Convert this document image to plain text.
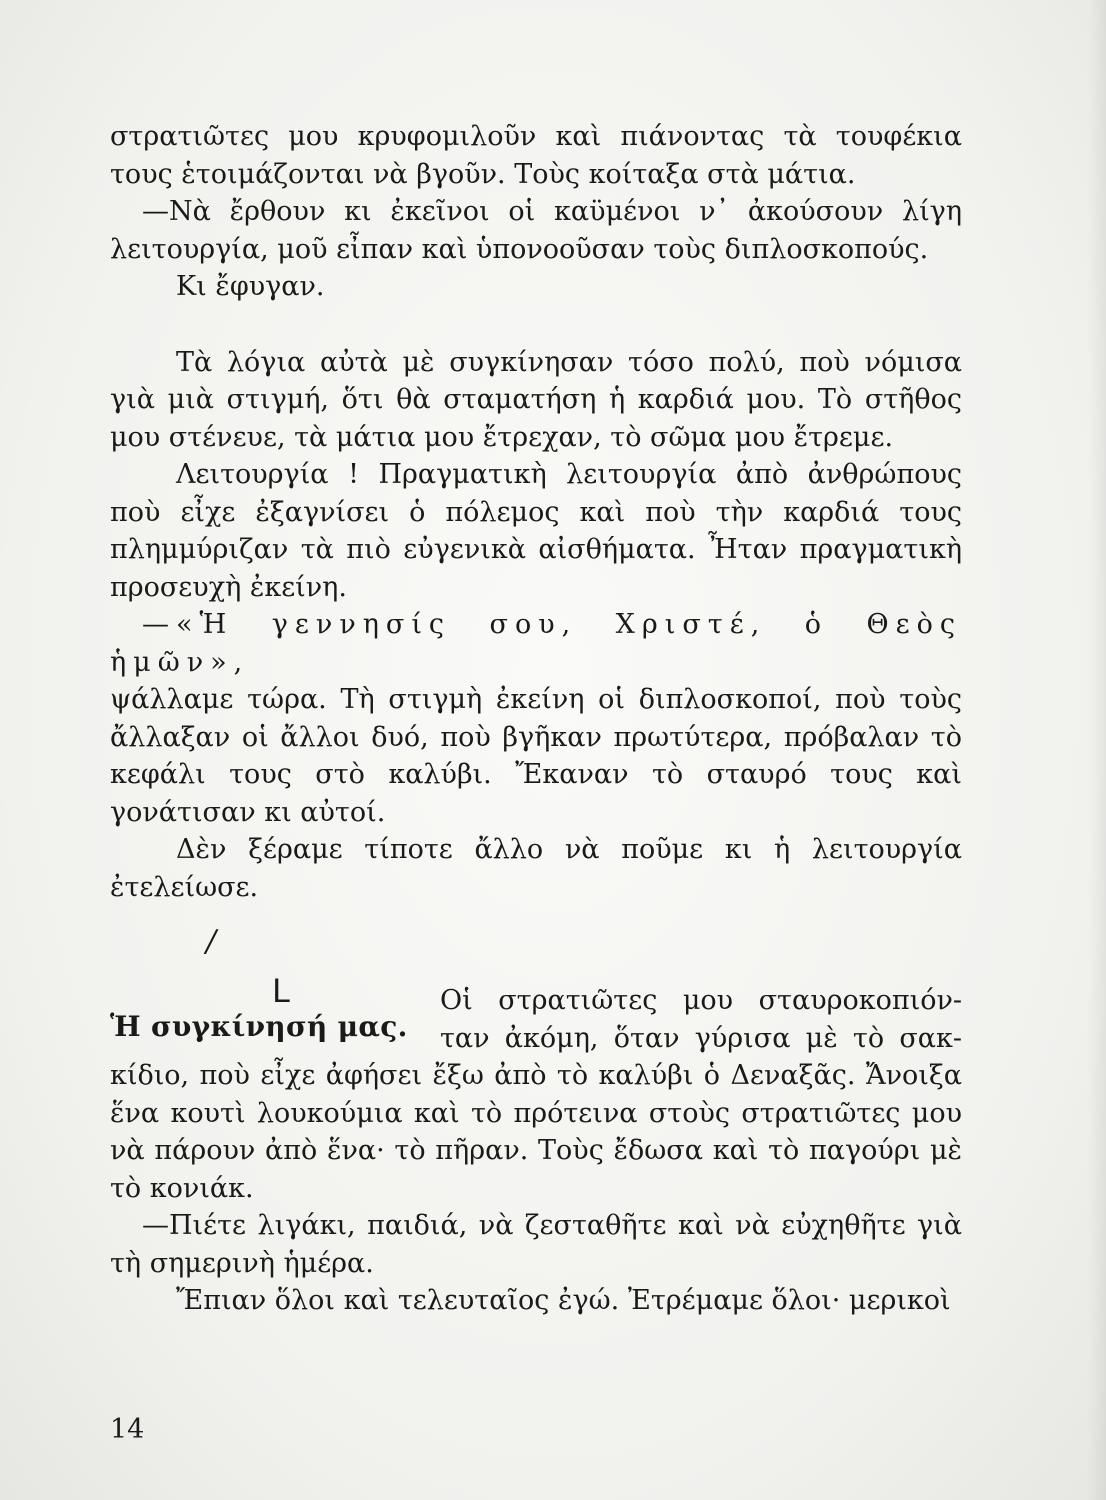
στρατιῶτες μου κρυφομιλοῦν καὶ πιάνοντας τὰ τουφέκια τους ἑτοιμάζονται νὰ βγοῦν. Τοὺς κοίταξα στὰ μάτια.

—Νὰ ἔρθουν κι ἐκεῖνοι οἱ καϋμένοι ν᾽ ἀκούσουν λίγη λειτουργία, μοῦ εἶπαν καὶ ὑπονοοῦσαν τοὺς διπλοσκοπούς.

Κι ἔφυγαν.

Τὰ λόγια αὐτὰ μὲ συγκίνησαν τόσο πολύ, ποὺ νόμισα γιὰ μιὰ στιγμή, ὅτι θὰ σταματήση ἡ καρδιά μου. Τὸ στῆθος μου στένευε, τὰ μάτια μου ἔτρεχαν, τὸ σῶμα μου ἔτρεμε.

Λειτουργία ! Πραγματικὴ λειτουργία ἀπὸ ἀνθρώπους ποὺ εἶχε ἐξαγνίσει ὁ πόλεμος καὶ ποὺ τὴν καρδιά τους πλημμύριζαν τὰ πιὸ εὐγενικὰ αἰσθήματα. Ἦταν πραγματικὴ προσευχὴ ἐκείνη.

—«Ἡ γεννησίς σου, Χριστέ, ὁ Θεὸς ἡμῶν»,

ψάλλαμε τώρα. Τὴ στιγμὴ ἐκείνη οἱ διπλοσκοποί, ποὺ τοὺς ἄλλαξαν οἱ ἄλλοι δυό, ποὺ βγῆκαν πρωτύτερα, πρόβαλαν τὸ κεφάλι τους στὸ καλύβι. Ἔκαναν τὸ σταυρό τους καὶ γονάτισαν κι αὐτοί.

Δὲν ξέραμε τίποτε ἄλλο νὰ ποῦμε κι ἡ λειτουργία ἐτελείωσε.

Ἡ συγκίνησή μας.
Οἱ στρατιῶτες μου σταυροκοπιόν-
ταν ἀκόμη, ὅταν γύρισα μὲ τὸ σακ-

κίδιο, ποὺ εἶχε ἀφήσει ἔξω ἀπὸ τὸ καλύβι ὁ Δεναξᾶς. Ἄνοιξα ἕνα κουτὶ λουκούμια καὶ τὸ πρότεινα στοὺς στρατιῶτες μου νὰ πάρουν ἀπὸ ἕνα· τὸ πῆραν. Τοὺς ἔδωσα καὶ τὸ παγούρι μὲ τὸ κονιάκ.

—Πιέτε λιγάκι, παιδιά, νὰ ζεσταθῆτε καὶ νὰ εὐχηθῆτε γιὰ τὴ σημερινὴ ἡμέρα.

Ἔπιαν ὅλοι καὶ τελευταῖος ἐγώ. Ἐτρέμαμε ὅλοι· μερικοὶ

/
ᒪ
14
